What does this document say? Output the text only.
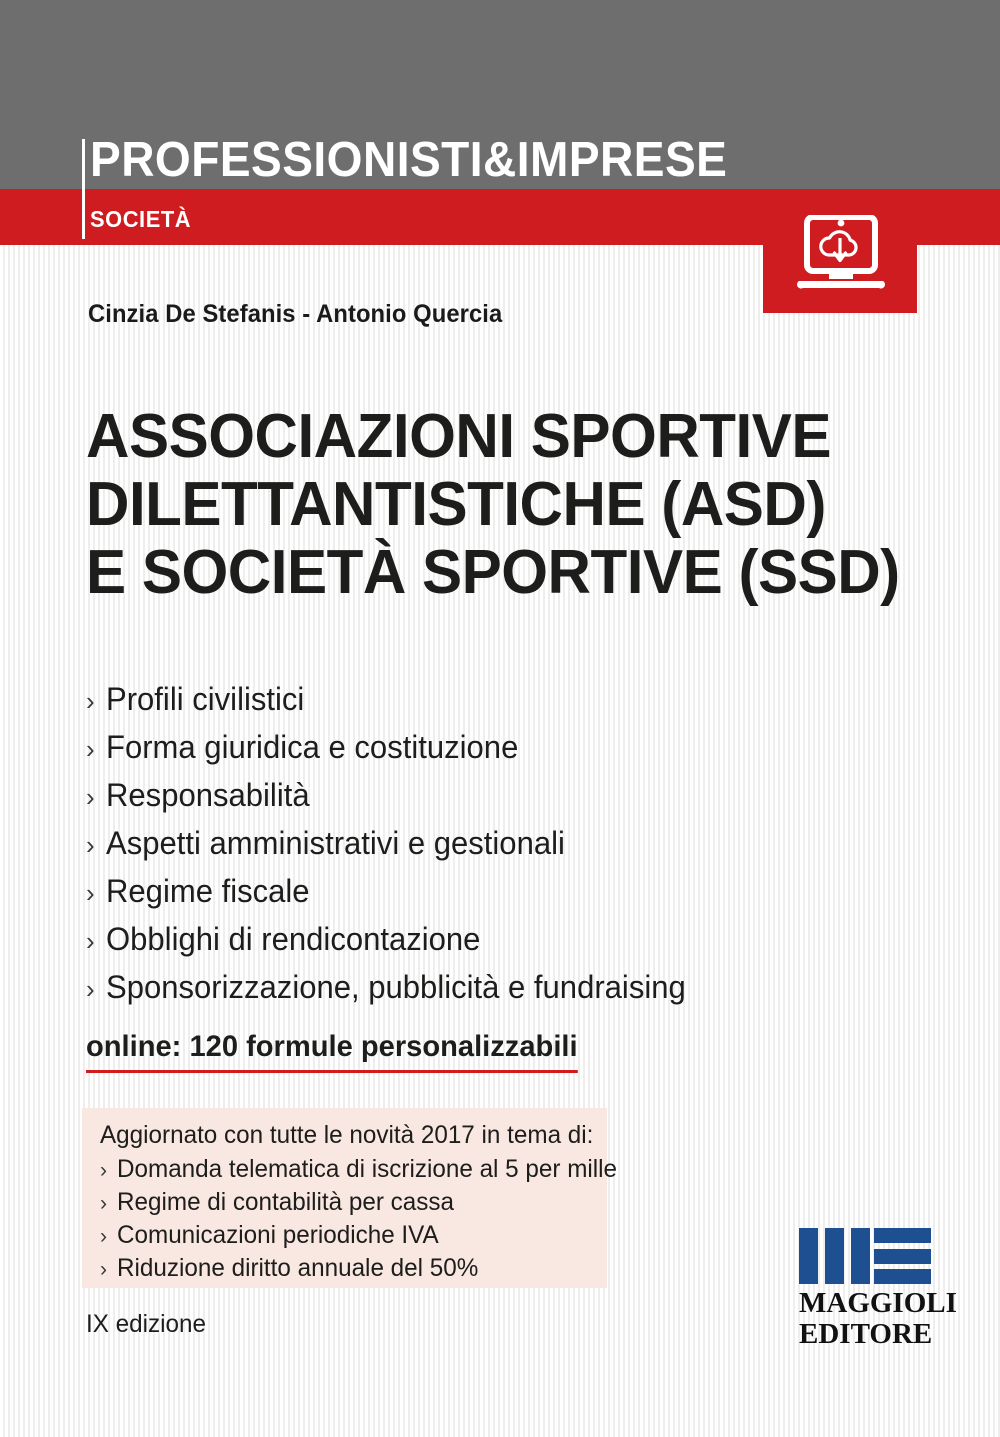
PROFESSIONISTI&IMPRESE
SOCIETÀ
Cinzia De Stefanis - Antonio Quercia
ASSOCIAZIONI SPORTIVE
DILETTANTISTICHE (ASD)
E SOCIETÀ SPORTIVE (SSD)
› Profili civilistici
› Forma giuridica e costituzione
› Responsabilità
› Aspetti amministrativi e gestionali
› Regime fiscale
› Obblighi di rendicontazione
› Sponsorizzazione, pubblicità e fundraising
online: 120 formule personalizzabili
Aggiornato con tutte le novità 2017 in tema di:
› Domanda telematica di iscrizione al 5 per mille
› Regime di contabilità per cassa
› Comunicazioni periodiche IVA
› Riduzione diritto annuale del 50%
IX edizione
MAGGIOLI
EDITORE
